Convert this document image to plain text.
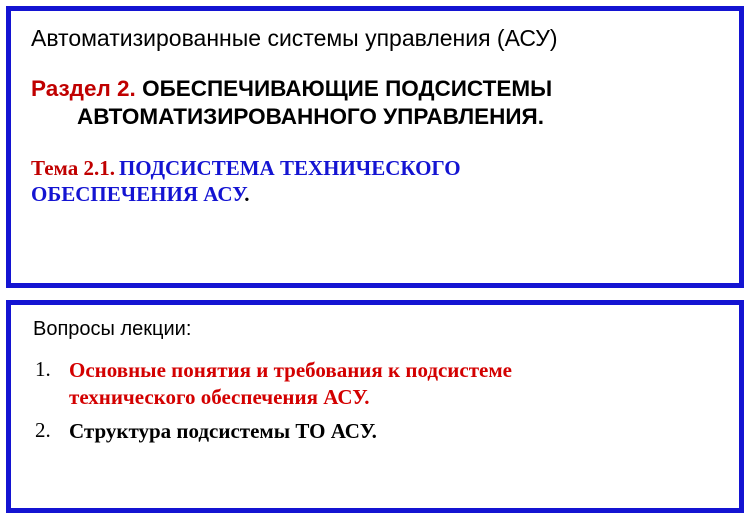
Автоматизированные системы управления (АСУ)
Раздел 2. ОБЕСПЕЧИВАЮЩИЕ ПОДСИСТЕМЫ
АВТОМАТИЗИРОВАННОГО УПРАВЛЕНИЯ.
Тема 2.1. ПОДСИСТЕМА ТЕХНИЧЕСКОГО
ОБЕСПЕЧЕНИЯ АСУ.
Вопросы лекции:
1. Основные понятия и требования к подсистеме
технического обеспечения АСУ.
2. Структура подсистемы ТО АСУ.
